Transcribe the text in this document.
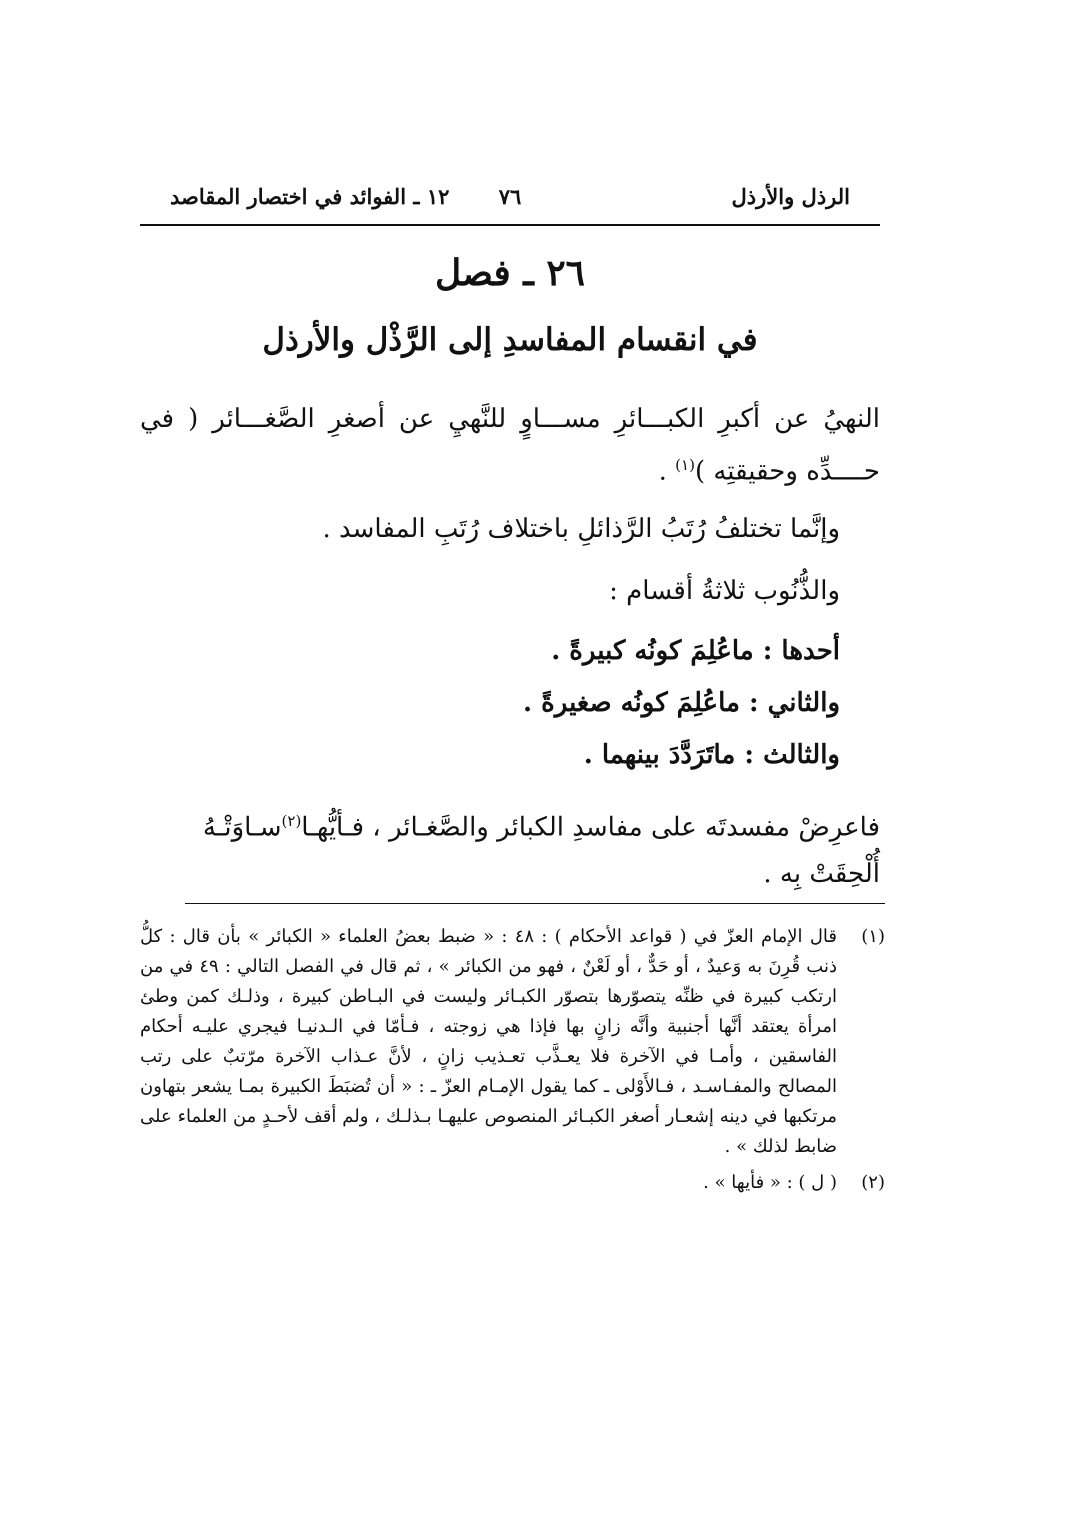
الرذل والأرذل
٧٦
١٢ ـ الفوائد في اختصار المقاصد
٢٦ ـ فصل
في انقسام المفاسدِ إلى الرَّذْل والأرذل
النهيُ عن أكبرِ الكبـــائرِ مســـاوٍ للنَّهيِ عن أصغرِ الصَّغـــائر ( في حــــدِّه وحقيقتِه )$^{(١)}$ .
وإنَّما تختلفُ رُتَبُ الرَّذائلِ باختلاف رُتَبِ المفاسد .
والذُّنُوب ثلاثةُ أقسام :
أحدها : ماعُلِمَ كونُه كبيرةً .
والثاني : ماعُلِمَ كونُه صغيرةً .
والثالث : ماتَرَدَّدَ بينهما .
فاعرِضْ مفسدتَه على مفاسدِ الكبائر والصَّغـائر ، فـأيُّهـا$^{(٢)}$سـاوَتْـهُ أُلْحِقَتْ بِه .
(١)
قال الإمام العزّ في ( قواعد الأحكام ) : ٤٨ : « ضبط بعضُ العلماء « الكبائر » بأن قال : كلُّ ذنب قُرِنَ به وَعيدٌ ، أو حَدٌّ ، أو لَعْنٌ ، فهو من الكبائر » ، ثم قال في الفصل التالي : ٤٩ في من ارتكب كبيرة في ظنِّه يتصوّرها بتصوّر الكبـائر وليست في البـاطن كبيرة ، وذلـك كمن وطئ امرأة يعتقد أنَّها أجنبية وأنَّه زانٍ بها فإذا هي زوجته ، فـأمّا في الـدنيـا فيجري عليـه أحكام الفاسقين ، وأمـا في الآخرة فلا يعـذَّب تعـذيب زانٍ ، لأنَّ عـذاب الآخرة مرّتبٌ على رتب المصالح والمفـاسـد ، فـالأَوْلى ـ كما يقول الإمـام العزّ ـ : « أن تُضبَطَ الكبيرة بمـا يشعر بتهاون مرتكبها في دينه إشعـار أصغر الكبـائر المنصوص عليهـا بـذلـك ، ولم أقف لأحـدٍ من العلماء على ضابط لذلك » .
(٢)
( ل ) : « فأيها » .
